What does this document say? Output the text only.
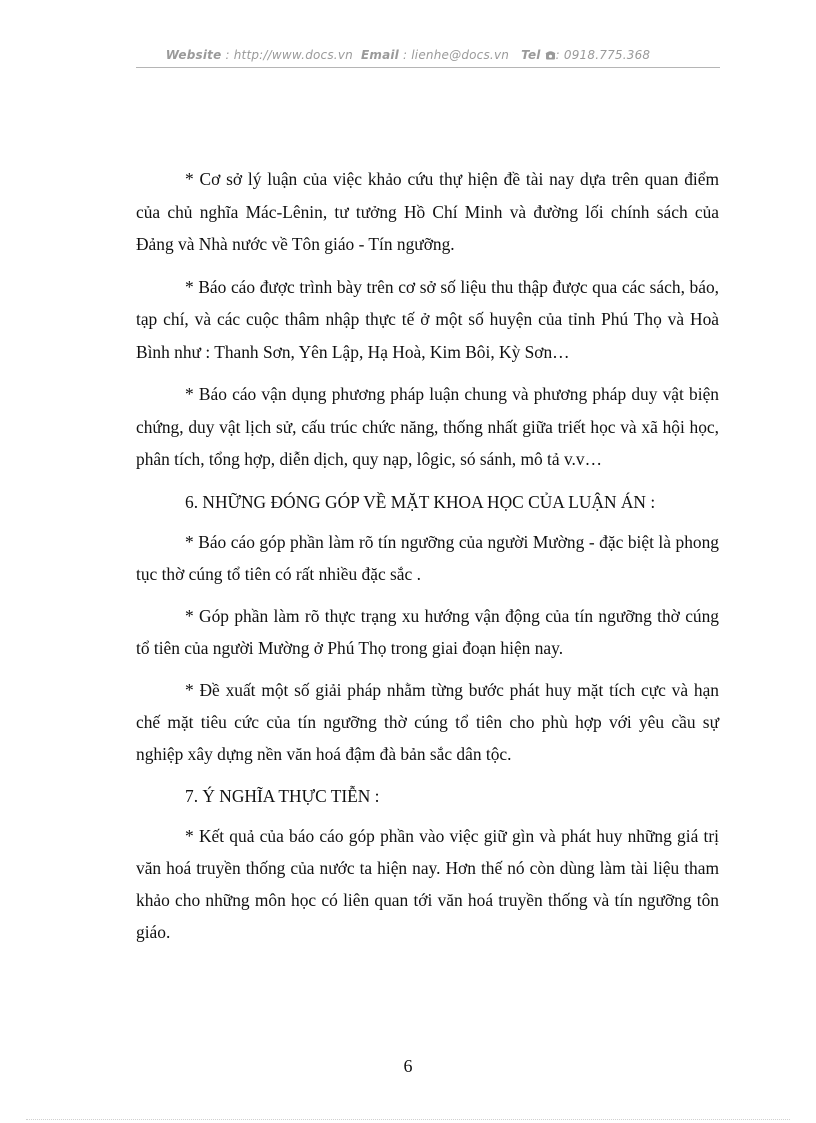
Website : http://www.docs.vn Email : lienhe@docs.vn Tel : 0918.775.368

* Cơ sở lý luận của việc khảo cứu thự hiện đề tài nay dựa trên quan điểm của chủ nghĩa Mác-Lênin, tư tưởng Hồ Chí Minh và đường lối chính sách của Đảng và Nhà nước về Tôn giáo - Tín ngưỡng.

* Báo cáo được trình bày trên cơ sở số liệu thu thập được qua các sách, báo, tạp chí, và các cuộc thâm nhập thực tế ở một số huyện của tỉnh Phú Thọ và Hoà Bình như : Thanh Sơn, Yên Lập, Hạ Hoà, Kim Bôi, Kỳ Sơn…

* Báo cáo vận dụng phương pháp luận chung và phương pháp duy vật biện chứng, duy vật lịch sử, cấu trúc chức năng, thống nhất giữa triết học và xã hội học, phân tích, tổng hợp, diễn dịch, quy nạp, lôgic, só sánh, mô tả v.v…

6. NHỮNG ĐÓNG GÓP VỀ MẶT KHOA HỌC CỦA LUẬN ÁN :

* Báo cáo góp phần làm rõ tín ngưỡng của người Mường - đặc biệt là phong tục thờ cúng tổ tiên có rất nhiều đặc sắc .

* Góp phần làm rõ thực trạng xu hướng vận động của tín ngưỡng thờ cúng tổ tiên của người Mường ở Phú Thọ trong giai đoạn hiện nay.

* Đề xuất một số giải pháp nhằm từng bước phát huy mặt tích cực và hạn chế mặt tiêu cức của tín ngưỡng thờ cúng tổ tiên cho phù hợp với yêu cầu sự nghiệp xây dựng nền văn hoá đậm đà bản sắc dân tộc.

7. Ý NGHĨA THỰC TIỄN :

* Kết quả của báo cáo góp phần vào việc giữ gìn và phát huy những giá trị văn hoá truyền thống của nước ta hiện nay. Hơn thế nó còn dùng làm tài liệu tham khảo cho những môn học có liên quan tới văn hoá truyền thống và tín ngưỡng tôn giáo.

6
